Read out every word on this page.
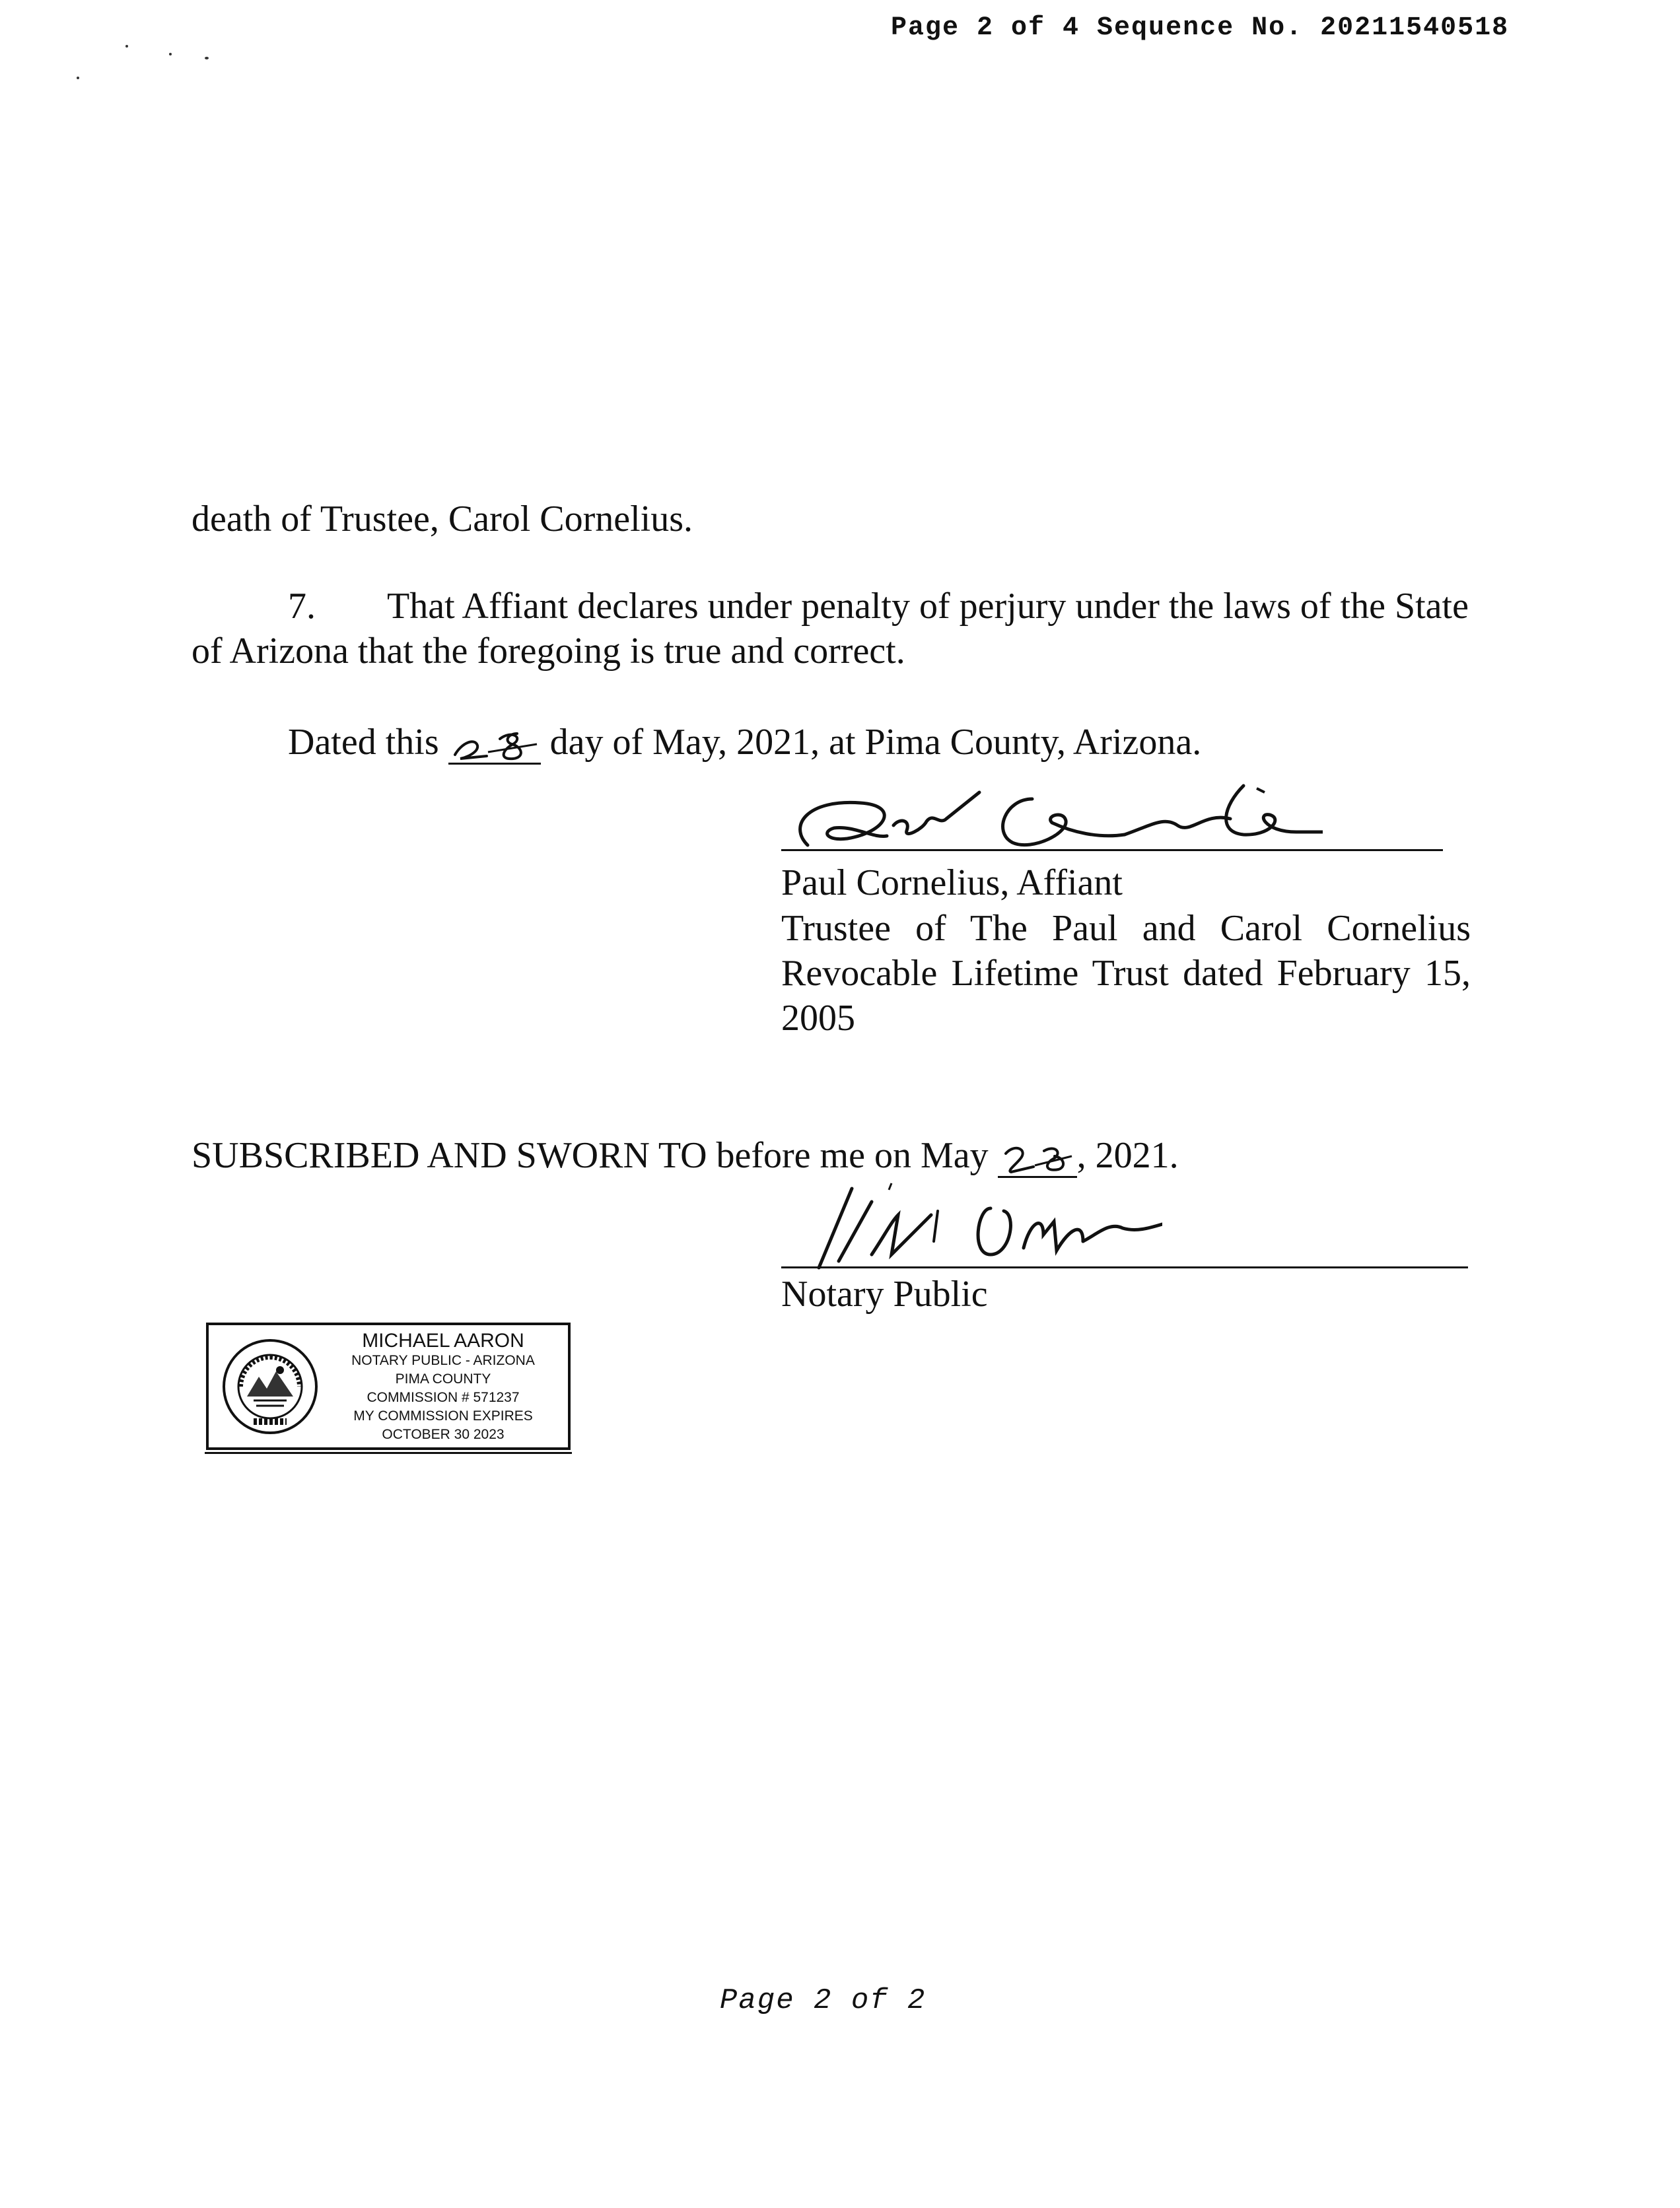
Page 2 of 4 Sequence No. 20211540518
death of Trustee, Carol Cornelius.
7. That Affiant declares under penalty of perjury under the laws of the State
of Arizona that the foregoing is true and correct.
Dated this	day of May, 2021, at Pima County, Arizona.
Paul Cornelius, Affiant
Trustee of The Paul and Carol Cornelius
Revocable Lifetime Trust dated February 15,
2005
SUBSCRIBED AND SWORN TO before me on May , 2021.
Notary Public
MICHAEL AARON
NOTARY PUBLIC - ARIZONA
PIMA COUNTY
COMMISSION # 571237
MY COMMISSION EXPIRES
OCTOBER 30 2023
Page 2 of 2
